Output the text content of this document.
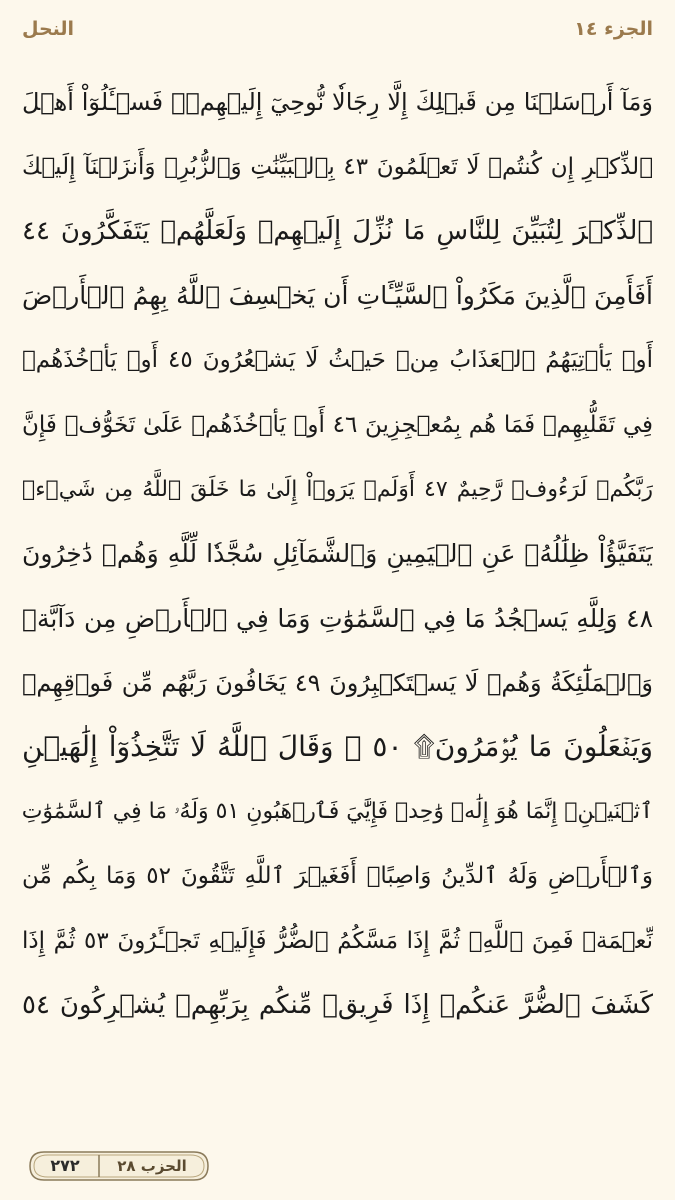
الجزء ١٤
النحل
وَمَآ أَرۡسَلۡنَا مِن قَبۡلِكَ إِلَّا رِجَالٗا نُّوحِيٓ إِلَيۡهِمۡۖ فَسۡـَٔلُوٓاْ أَهۡلَ
ٱلذِّكۡرِ إِن كُنتُمۡ لَا تَعۡلَمُونَ ٤٣ بِٱلۡبَيِّنَٰتِ وَٱلزُّبُرِۗ وَأَنزَلۡنَآ إِلَيۡكَ
ٱلذِّكۡرَ لِتُبَيِّنَ لِلنَّاسِ مَا نُزِّلَ إِلَيۡهِمۡ وَلَعَلَّهُمۡ يَتَفَكَّرُونَ ٤٤
أَفَأَمِنَ ٱلَّذِينَ مَكَرُواْ ٱلسَّيِّـَٔاتِ أَن يَخۡسِفَ ٱللَّهُ بِهِمُ ٱلۡأَرۡضَ
أَوۡ يَأۡتِيَهُمُ ٱلۡعَذَابُ مِنۡ حَيۡثُ لَا يَشۡعُرُونَ ٤٥ أَوۡ يَأۡخُذَهُمۡ
فِي تَقَلُّبِهِمۡ فَمَا هُم بِمُعۡجِزِينَ ٤٦ أَوۡ يَأۡخُذَهُمۡ عَلَىٰ تَخَوُّفٖ فَإِنَّ
رَبَّكُمۡ لَرَءُوفٞ رَّحِيمٌ ٤٧ أَوَلَمۡ يَرَوۡاْ إِلَىٰ مَا خَلَقَ ٱللَّهُ مِن شَيۡءٖ
يَتَفَيَّؤُاْ ظِلَٰلُهُۥ عَنِ ٱلۡيَمِينِ وَٱلشَّمَآئِلِ سُجَّدٗا لِّلَّهِ وَهُمۡ دَٰخِرُونَ
٤٨ وَلِلَّهِ يَسۡجُدُ مَا فِي ٱلسَّمَٰوَٰتِ وَمَا فِي ٱلۡأَرۡضِ مِن دَآبَّةٖ
وَٱلۡمَلَٰٓئِكَةُ وَهُمۡ لَا يَسۡتَكۡبِرُونَ ٤٩ يَخَافُونَ رَبَّهُم مِّن فَوۡقِهِمۡ
وَيَفۡعَلُونَ مَا يُؤۡمَرُونَ۩ ٥٠ ۞ وَقَالَ ٱللَّهُ لَا تَتَّخِذُوٓاْ إِلَٰهَيۡنِ
ٱثۡنَيۡنِۖ إِنَّمَا هُوَ إِلَٰهٞ وَٰحِدٞ فَإِيَّٰيَ فَٱرۡهَبُونِ ٥١ وَلَهُۥ مَا فِي ٱلسَّمَٰوَٰتِ
وَٱلۡأَرۡضِ وَلَهُ ٱلدِّينُ وَاصِبًاۚ أَفَغَيۡرَ ٱللَّهِ تَتَّقُونَ ٥٢ وَمَا بِكُم مِّن
نِّعۡمَةٖ فَمِنَ ٱللَّهِۖ ثُمَّ إِذَا مَسَّكُمُ ٱلضُّرُّ فَإِلَيۡهِ تَجۡـَٔرُونَ ٥٣ ثُمَّ إِذَا
كَشَفَ ٱلضُّرَّ عَنكُمۡ إِذَا فَرِيقٞ مِّنكُم بِرَبِّهِمۡ يُشۡرِكُونَ ٥٤
الحزب ٢٨
٢٧٢
